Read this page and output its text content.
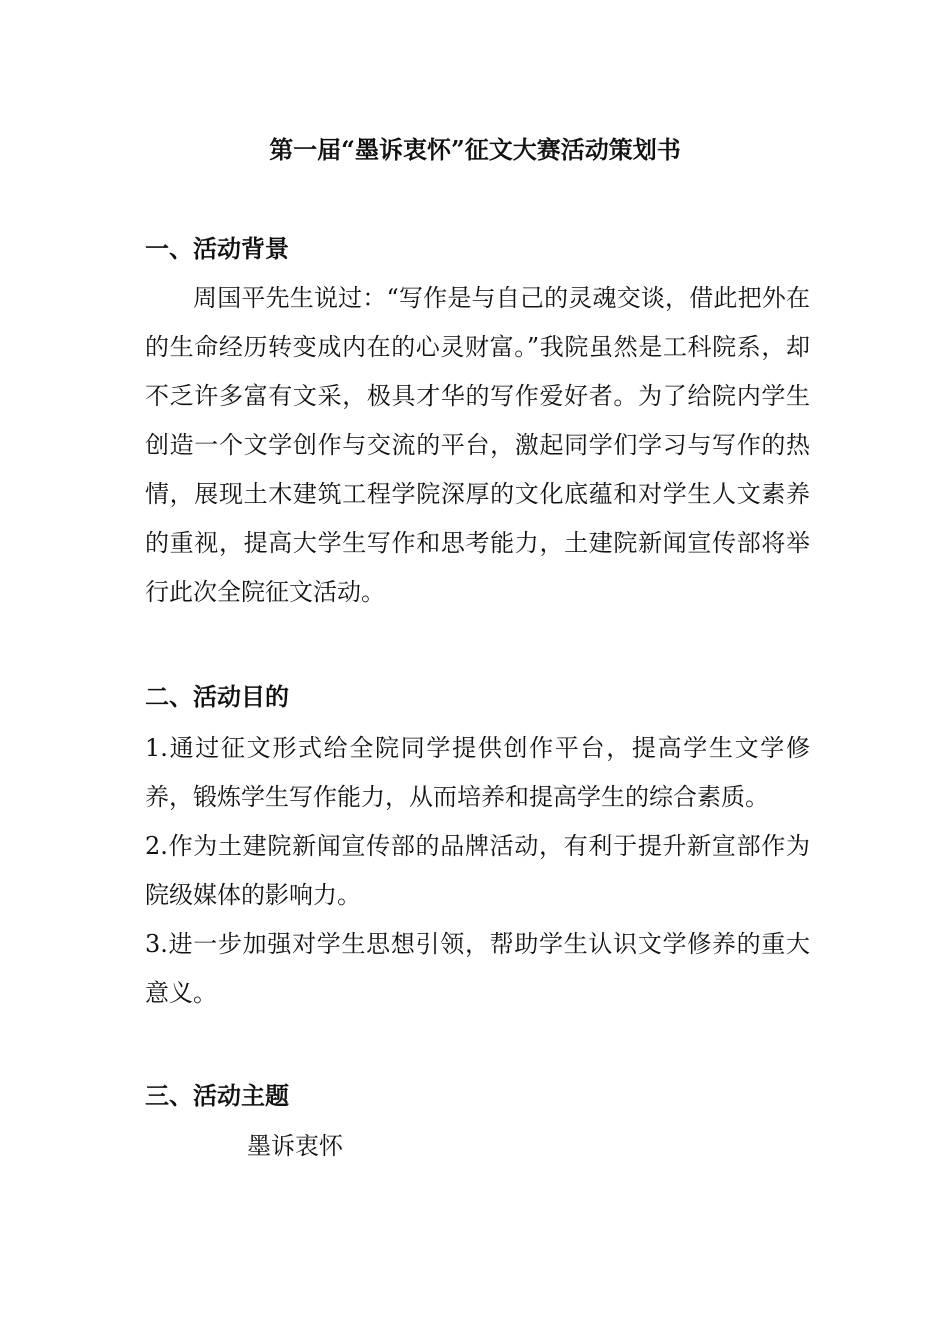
第一届“墨诉衷怀”征文大赛活动策划书

一、活动背景

周国平先生说过：“写作是与自己的灵魂交谈，借此把外在的生命经历转变成内在的心灵财富。”我院虽然是工科院系，却不乏许多富有文采，极具才华的写作爱好者。为了给院内学生创造一个文学创作与交流的平台，激起同学们学习与写作的热情，展现土木建筑工程学院深厚的文化底蕴和对学生人文素养的重视，提高大学生写作和思考能力，土建院新闻宣传部将举行此次全院征文活动。

二、活动目的

1.通过征文形式给全院同学提供创作平台，提高学生文学修养，锻炼学生写作能力，从而培养和提高学生的综合素质。

2.作为土建院新闻宣传部的品牌活动，有利于提升新宣部作为院级媒体的影响力。

3.进一步加强对学生思想引领，帮助学生认识文学修养的重大意义。

三、活动主题

墨诉衷怀
